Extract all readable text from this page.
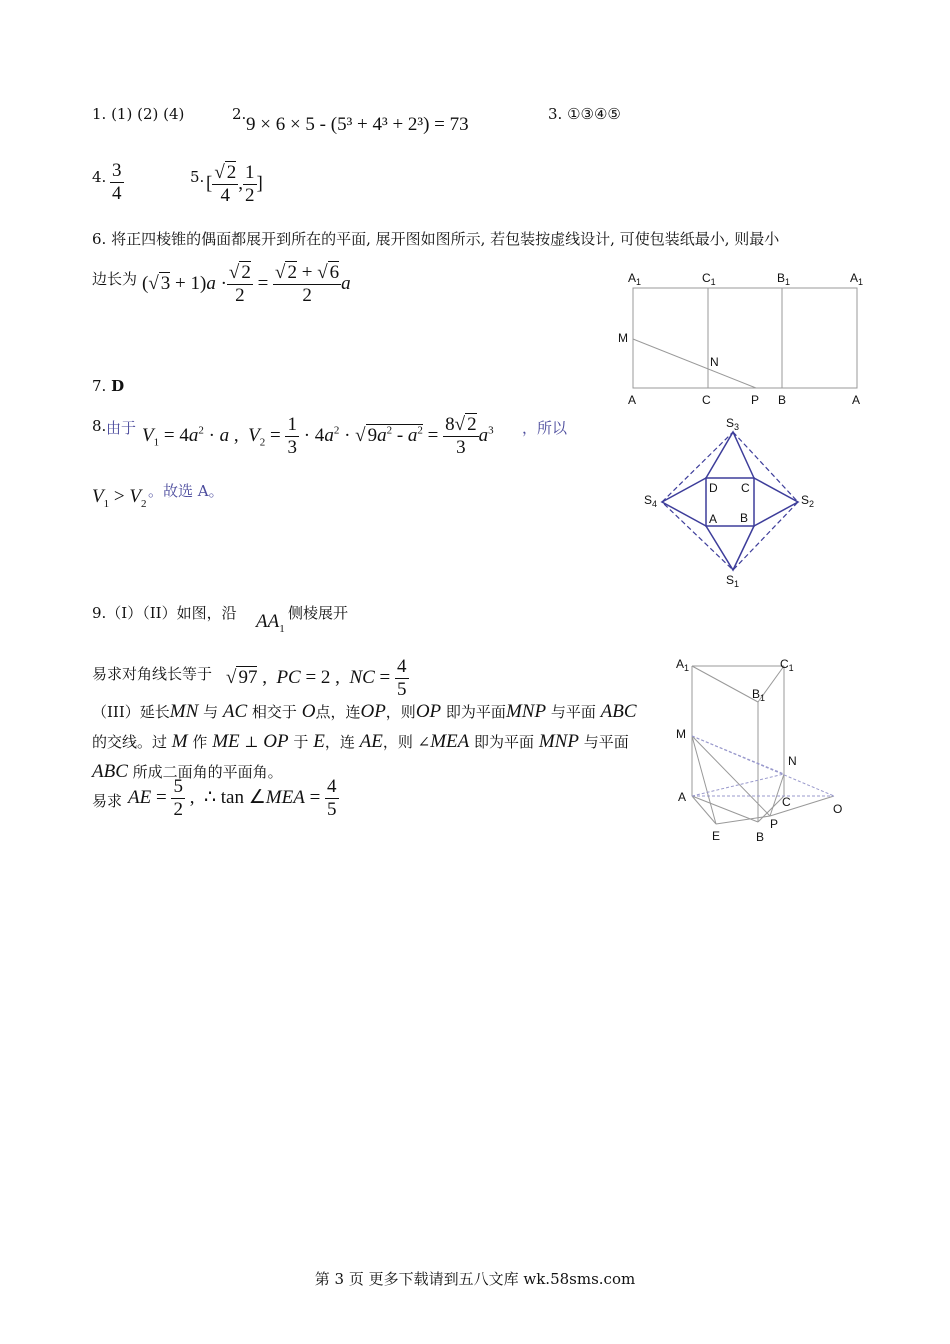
1. (1) (2) (4)	2. 9 × 6 × 5 - (5³ + 4³ + 2³) = 73	3. ①③④⑤
4. $\frac{3}{4}$	5. [ $\frac{√ 2}{4}$ , $\frac{1}{2}$ ]
6. 将正四棱锥的偶面都展开到所在的平面, 展开图如图所示, 若包装按虚线设计, 可使包装纸最小, 则最小
边长为 (√ $3 + 1)a \cdot \frac{√ 2}{2} = \frac{√ 2 + √ 6}{2}$ a	$A_1$	$C_1$	$B_1$	$A_1$
M
N
A	C	P B	A
7. D
8. 由于 $V_1 = 4a^2 \cdot a$ ,  $V_2 = \frac{1}{3} \cdot 4a^2$ · √ $9a^2 - a^2 = \frac{8√ 2}{3} a^3$ ，所以
$V_1 > V_2$
。故选 A。
$S_3$
$S_4$	$S_2$
$S_1$
D C
A B
9.（I）（II）如图，沿 $AA_1$
侧棱展开
易求对角线长等于 √ 97 ,  PC = 2 ,  NC = $\frac{4}{5}$
（III）延长MN 与 AC 相交于 O点，连OP，则OP 即为平面MNP 与平面 ABC 的交线。过 M 作 ME ⊥ OP 于 E，连 AE，则 ∠MEA 即为平面 MNP 与平面ABC 所成二面角的平面角。
易求 AE = $\frac{5}{2}$ ,  ∴ tan ∠MEA = $\frac{4}{5}$
$A_1$	$C_1$
$B_1$
M
N
A	C	O
P
E	B
第 3 页 更多下载请到五八文库 wk.58sms.com
